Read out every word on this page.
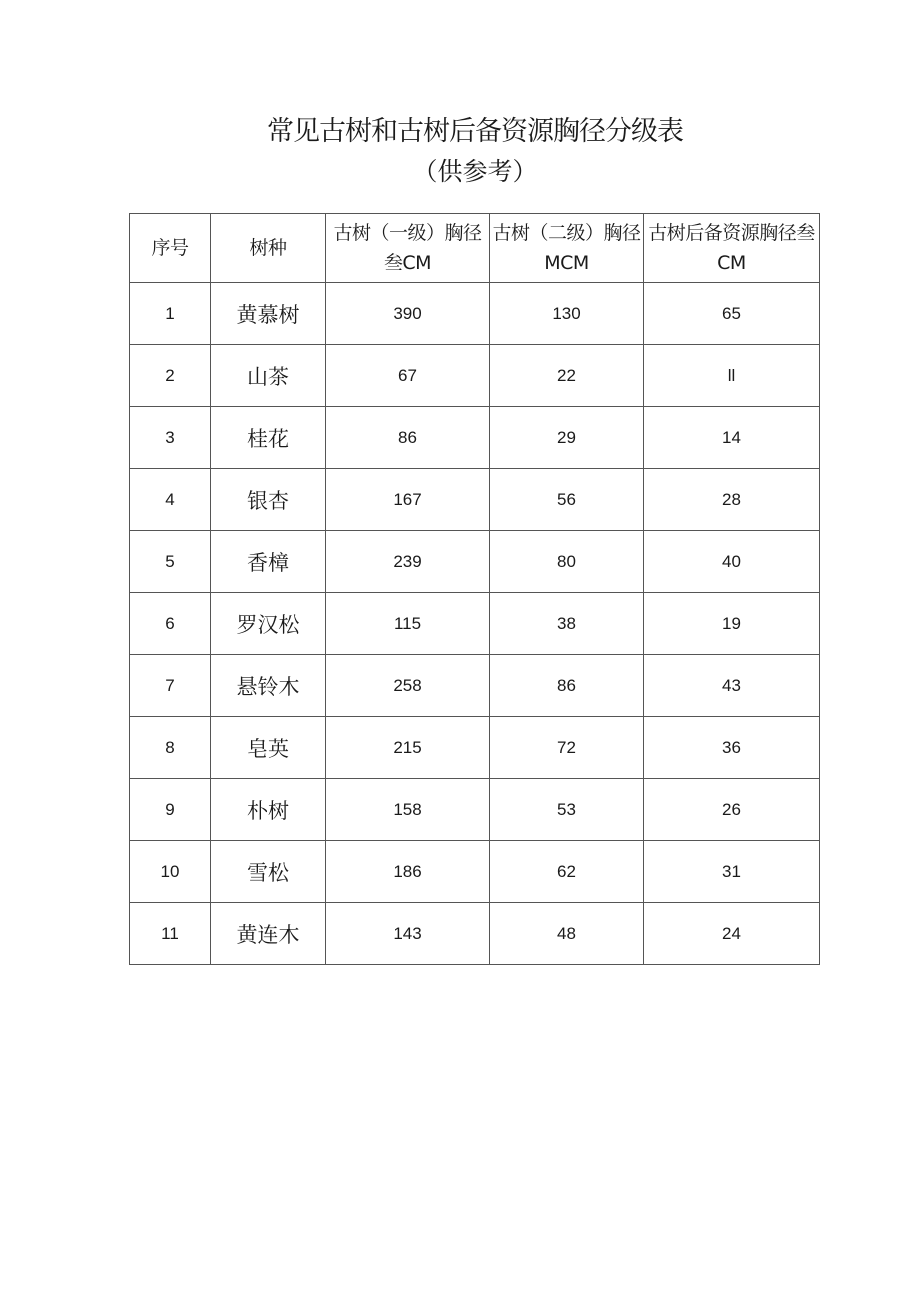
常见古树和古树后备资源胸径分级表
（供参考）
序号	树种	古树（一级）胸径叁CM	古树（二级）胸径MCM	古树后备资源胸径叁CM
1	黄慕树	390	130	65
2	山茶	67	22	ll
3	桂花	86	29	14
4	银杏	167	56	28
5	香樟	239	80	40
6	罗汉松	115	38	19
7	悬铃木	258	86	43
8	皂英	215	72	36
9	朴树	158	53	26
10	雪松	186	62	31
11	黄连木	143	48	24
